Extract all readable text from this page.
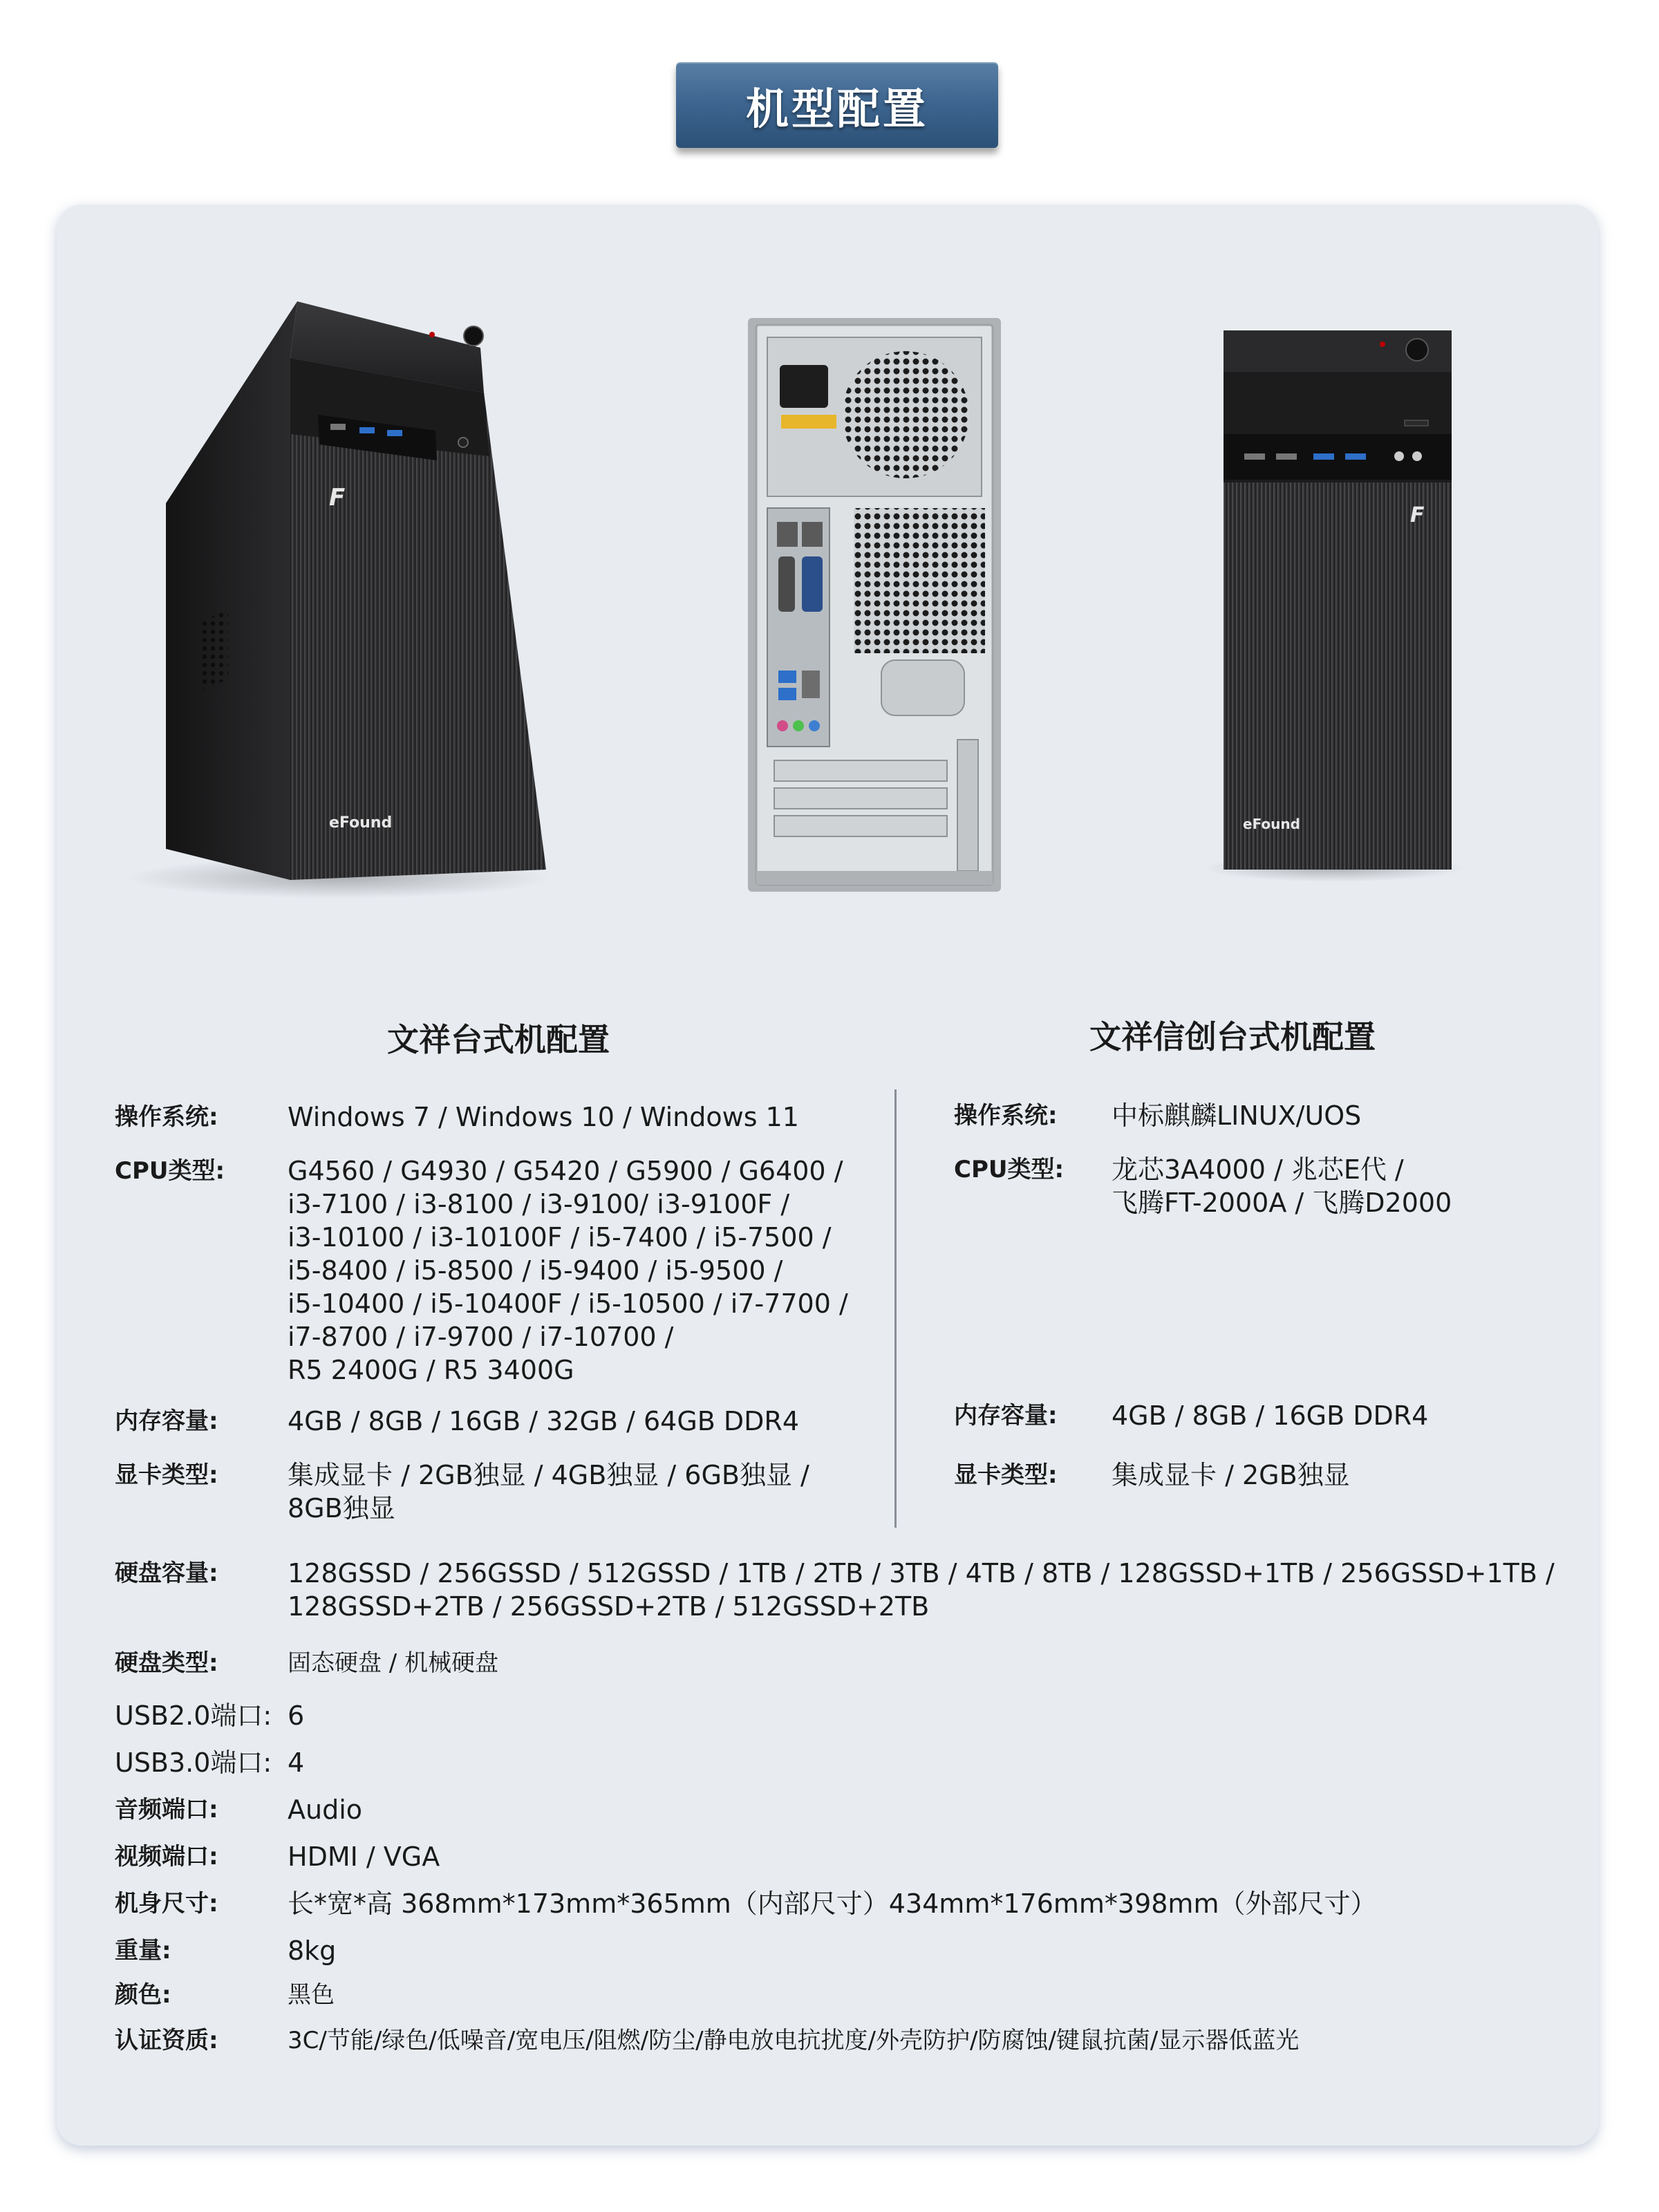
机型配置
eFound
F
eFound
F
文祥台式机配置	文祥信创台式机配置
操作系统:	Windows 7 / Windows 10 / Windows 11
CPU类型:	G4560 / G4930 / G5420 / G5900 / G6400 /
i3-7100 / i3-8100 / i3-9100/ i3-9100F /
i3-10100 / i3-10100F / i5-7400 / i5-7500 /
i5-8400 / i5-8500 / i5-9400 / i5-9500 /
i5-10400 / i5-10400F / i5-10500 / i7-7700 /
i7-8700 / i7-9700 / i7-10700 /
R5 2400G / R5 3400G
内存容量:	4GB / 8GB / 16GB / 32GB / 64GB DDR4
显卡类型:	集成显卡 / 2GB独显 / 4GB独显 / 6GB独显 /
8GB独显
操作系统:	中标麒麟LINUX/UOS
CPU类型:	龙芯3A4000 / 兆芯E代 /
飞腾FT-2000A / 飞腾D2000
内存容量:	4GB / 8GB / 16GB DDR4
显卡类型:	集成显卡 / 2GB独显
硬盘容量:	128GSSD / 256GSSD / 512GSSD / 1TB / 2TB / 3TB / 4TB / 8TB / 128GSSD+1TB / 256GSSD+1TB /
128GSSD+2TB / 256GSSD+2TB / 512GSSD+2TB
硬盘类型:	固态硬盘 / 机械硬盘
USB2.0端口: 6
USB3.0端口: 4
音频端口:	Audio
视频端口:	HDMI / VGA
机身尺寸:	长*宽*高 368mm*173mm*365mm（内部尺寸）434mm*176mm*398mm（外部尺寸）
重量:	8kg
颜色:	黑色
认证资质:	3C/节能/绿色/低噪音/宽电压/阻燃/防尘/静电放电抗扰度/外壳防护/防腐蚀/键鼠抗菌/显示器低蓝光
